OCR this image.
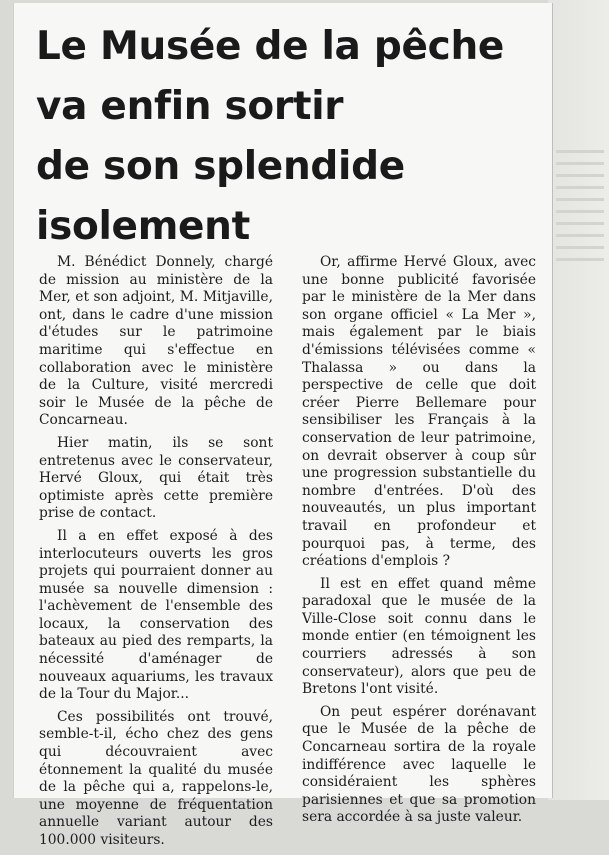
Le Musée de la pêche
va enfin sortir
de son splendide
isolement

M. Bénédict Donnely, chargé de mission au ministère de la Mer, et son adjoint, M. Mitjaville, ont, dans le cadre d'une mission d'études sur le patrimoine maritime qui s'effectue en collaboration avec le ministère de la Culture, visité mercredi soir le Musée de la pêche de Concarneau.

Hier matin, ils se sont entretenus avec le conservateur, Hervé Gloux, qui était très optimiste après cette première prise de contact.

Il a en effet exposé à des interlocuteurs ouverts les gros projets qui pourraient donner au musée sa nouvelle dimension : l'achèvement de l'ensemble des locaux, la conservation des bateaux au pied des remparts, la nécessité d'aménager de nouveaux aquariums, les travaux de la Tour du Major...

Ces possibilités ont trouvé, semble-t-il, écho chez des gens qui découvraient avec étonnement la qualité du musée de la pêche qui a, rappelons-le, une moyenne de fréquentation annuelle variant autour des 100.000 visiteurs.

Or, affirme Hervé Gloux, avec une bonne publicité favorisée par le ministère de la Mer dans son organe officiel « La Mer », mais également par le biais d'émissions télévisées comme « Thalassa » ou dans la perspective de celle que doit créer Pierre Bellemare pour sensibiliser les Français à la conservation de leur patrimoine, on devrait observer à coup sûr une progression substantielle du nombre d'entrées. D'où des nouveautés, un plus important travail en profondeur et pourquoi pas, à terme, des créations d'emplois ?

Il est en effet quand même paradoxal que le musée de la Ville-Close soit connu dans le monde entier (en témoignent les courriers adressés à son conservateur), alors que peu de Bretons l'ont visité.

On peut espérer dorénavant que le Musée de la pêche de Concarneau sortira de la royale indifférence avec laquelle le considéraient les sphères parisiennes et que sa promotion sera accordée à sa juste valeur.
